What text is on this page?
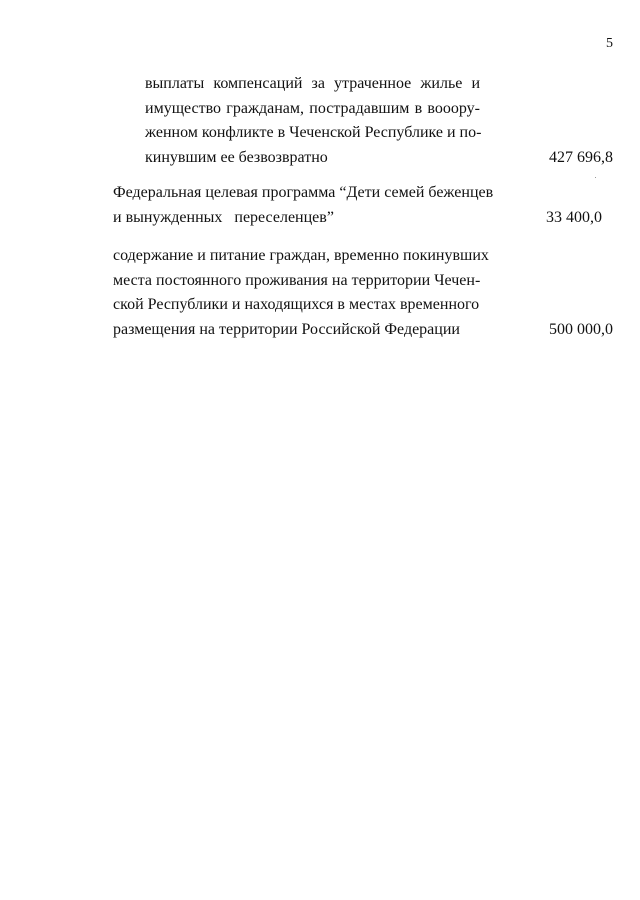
5
выплаты компенсаций за утраченное жилье и
имущество гражданам, пострадавшим в вооору-
женном конфликте в Чеченской Республике и по-
кинувшим ее безвозвратно	427 696,8
Федеральная целевая программа “Дети семей беженцев
и вынужденных   переселенцев”	33 400,0
содержание и питание граждан, временно покинувших
места постоянного проживания на территории Чечен-
ской Республики и находящихся в местах временного
размещения на территории Российской Федерации	500 000,0
